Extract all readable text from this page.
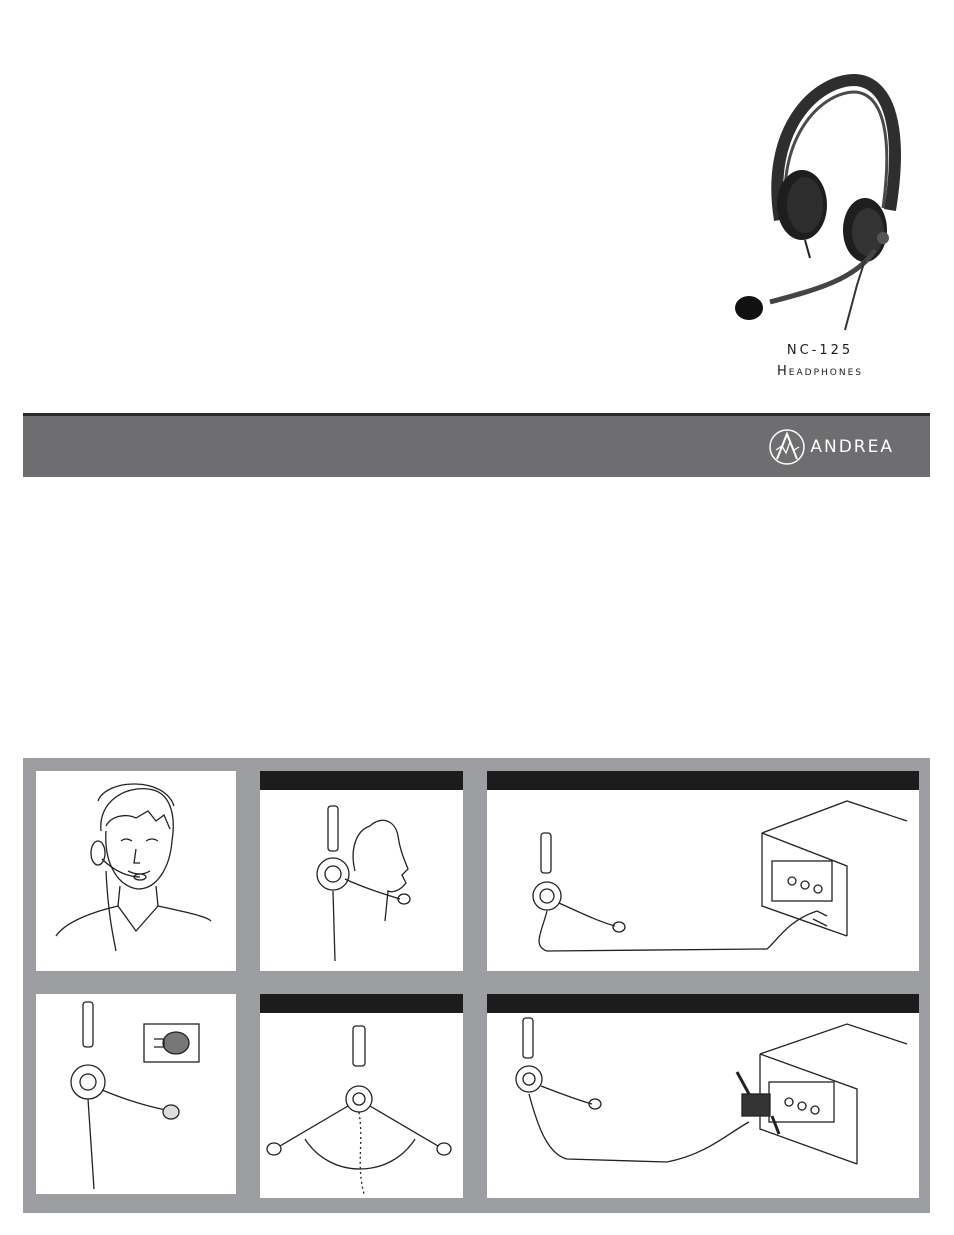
NC-125
Headphones
ANDREA
